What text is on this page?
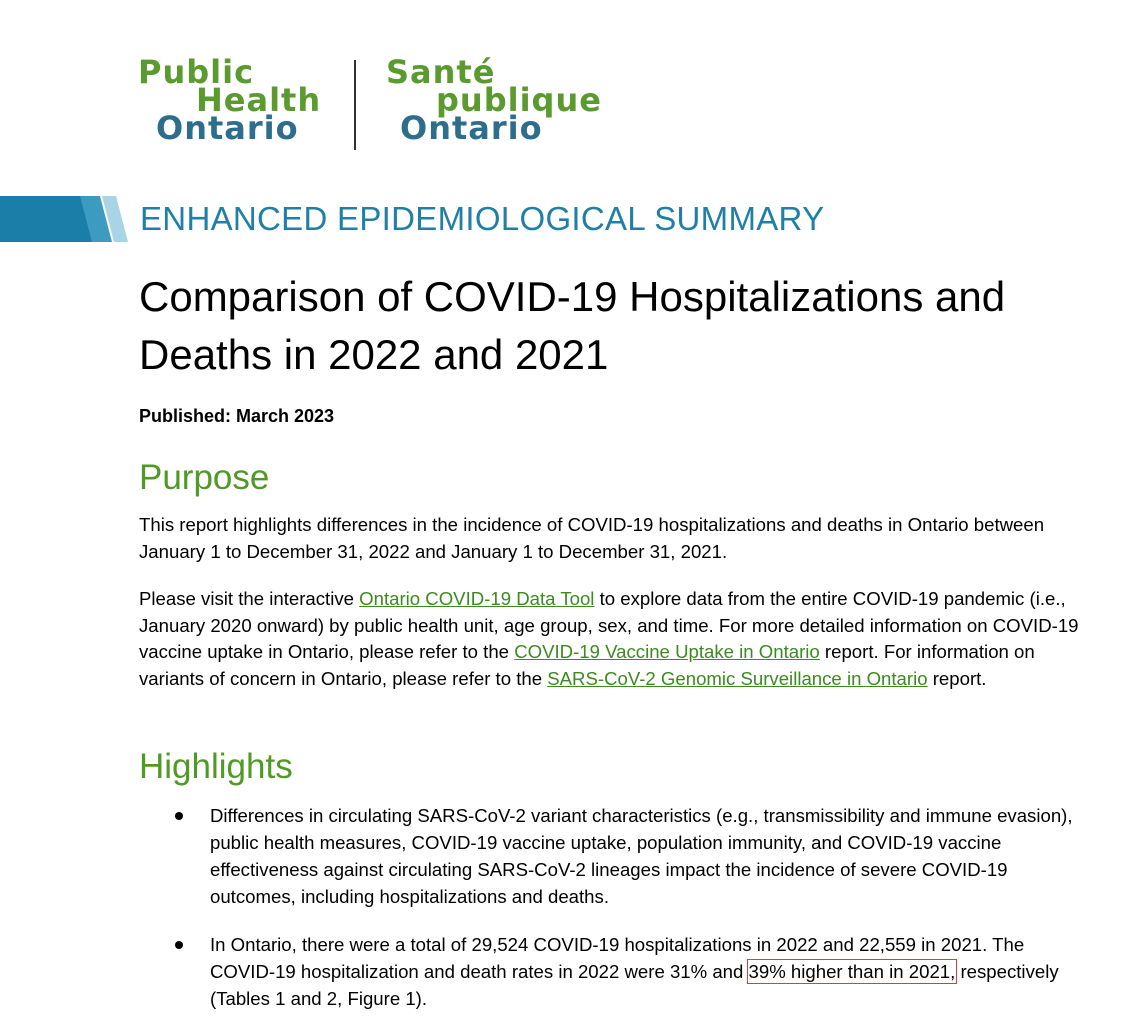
Public
Health
Ontario
Santé
publique
Ontario
ENHANCED EPIDEMIOLOGICAL SUMMARY
Comparison of COVID-19 Hospitalizations and
Deaths in 2022 and 2021
Published: March 2023
Purpose

This report highlights differences in the incidence of COVID-19 hospitalizations and deaths in Ontario between January 1 to December 31, 2022 and January 1 to December 31, 2021.

Please visit the interactive Ontario COVID-19 Data Tool to explore data from the entire COVID-19 pandemic (i.e., January 2020 onward) by public health unit, age group, sex, and time. For more detailed information on COVID-19 vaccine uptake in Ontario, please refer to the COVID-19 Vaccine Uptake in Ontario report. For information on variants of concern in Ontario, please refer to the SARS-CoV-2 Genomic Surveillance in Ontario report.

Highlights
Differences in circulating SARS-CoV-2 variant characteristics (e.g., transmissibility and immune evasion), public health measures, COVID-19 vaccine uptake, population immunity, and COVID-19 vaccine effectiveness against circulating SARS-CoV-2 lineages impact the incidence of severe COVID-19 outcomes, including hospitalizations and deaths.
In Ontario, there were a total of 29,524 COVID-19 hospitalizations in 2022 and 22,559 in 2021. The COVID-19 hospitalization and death rates in 2022 were 31% and 39% higher than in 2021, respectively (Tables 1 and 2, Figure 1).
